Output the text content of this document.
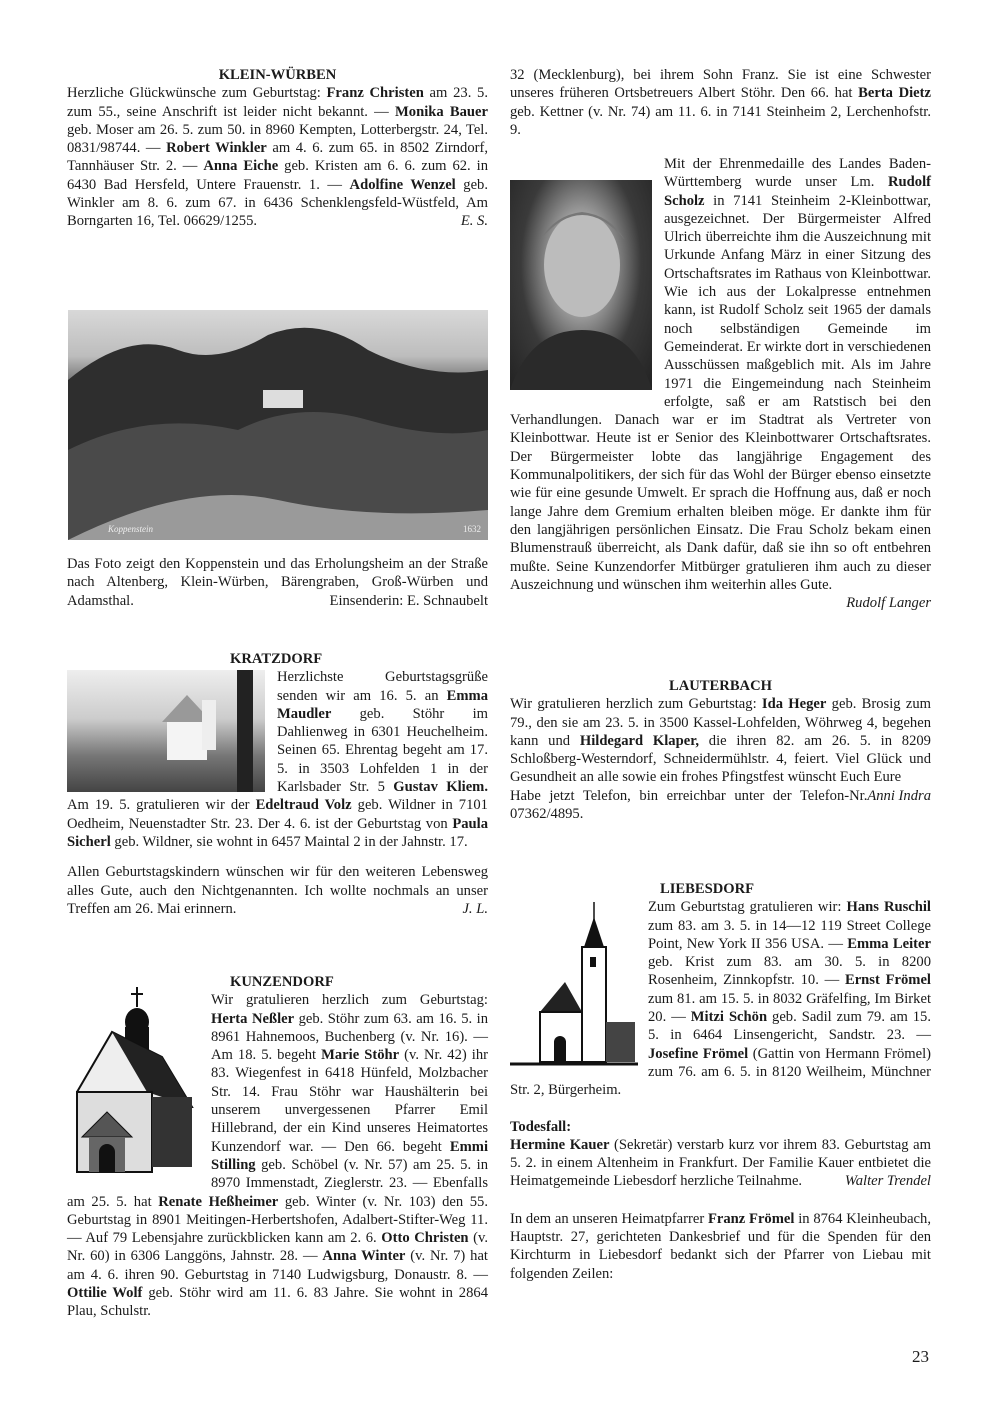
KLEIN-WÜRBEN

Herzliche Glückwünsche zum Geburtstag: Franz Christen am 23. 5. zum 55., seine Anschrift ist leider nicht bekannt. — Monika Bauer geb. Moser am 26. 5. zum 50. in 8960 Kempten, Lotterbergstr. 24, Tel. 0831/98744. — Robert Winkler am 4. 6. zum 65. in 8502 Zirndorf, Tannhäuser Str. 2. — Anna Eiche geb. Kristen am 6. 6. zum 62. in 6430 Bad Hersfeld, Untere Frauenstr. 1. — Adolfine Wenzel geb. Winkler am 8. 6. zum 67. in 6436 Schenklengsfeld-Wüstfeld, Am Borngarten 16, Tel. 06629/1255.	E. S.

Koppenstein	1632

Das Foto zeigt den Koppenstein und das Erholungsheim an der Straße nach Altenberg, Klein-Würben, Bärengraben, Groß-Würben und Adamsthal.	Einsenderin: E. Schnaubelt

KRATZDORF

Herzlichste Geburtstagsgrüße senden wir am 16. 5. an Emma Maudler geb. Stöhr im Dahlienweg in 6301 Heuchelheim. Seinen 65. Ehrentag begeht am 17. 5. in 3503 Lohfelden 1 in der Karlsbader Str. 5 Gustav Kliem. Am 19. 5. gratulieren wir der Edeltraud Volz geb. Wildner in 7101 Oedheim, Neuenstadter Str. 23. Der 4. 6. ist der Geburtstag von Paula Sicherl geb. Wildner, sie wohnt in 6457 Maintal 2 in der Jahnstr. 17.

Allen Geburtstagskindern wünschen wir für den weiteren Lebensweg alles Gute, auch den Nichtgenannten. Ich wollte nochmals an unser Treffen am 26. Mai erinnern.	J. L.

KUNZENDORF

Wir gratulieren herzlich zum Geburtstag: Herta Neßler geb. Stöhr zum 63. am 16. 5. in 8961 Hahnemoos, Buchenberg (v. Nr. 16). — Am 18. 5. begeht Marie Stöhr (v. Nr. 42) ihr 83. Wiegenfest in 6418 Hünfeld, Molzbacher Str. 14. Frau Stöhr war Haushälterin bei unserem unvergessenen Pfarrer Emil Hillebrand, der ein Kind unseres Heimatortes Kunzendorf war. — Den 66. begeht Emmi Stilling geb. Schöbel (v. Nr. 57) am 25. 5. in 8970 Immenstadt, Zieglerstr. 23. — Ebenfalls am 25. 5. hat Renate Heßheimer geb. Winter (v. Nr. 103) den 55. Geburtstag in 8901 Meitingen-Herbertshofen, Adalbert-Stifter-Weg 11. — Auf 79 Lebensjahre zurückblicken kann am 2. 6. Otto Christen (v. Nr. 60) in 6306 Langgöns, Jahnstr. 28. — Anna Winter (v. Nr. 7) hat am 4. 6. ihren 90. Geburtstag in 7140 Ludwigsburg, Donaustr. 8. — Ottilie Wolf geb. Stöhr wird am 11. 6. 83 Jahre. Sie wohnt in 2864 Plau, Schulstr.

32 (Mecklenburg), bei ihrem Sohn Franz. Sie ist eine Schwester unseres früheren Ortsbetreuers Albert Stöhr. Den 66. hat Berta Dietz geb. Kettner (v. Nr. 74) am 11. 6. in 7141 Steinheim 2, Lerchenhofstr. 9.

Mit der Ehrenmedaille des Landes Baden-Württemberg wurde unser Lm. Rudolf Scholz in 7141 Steinheim 2-Kleinbottwar, ausgezeichnet. Der Bürgermeister Alfred Ulrich überreichte ihm die Auszeichnung mit Urkunde Anfang März in einer Sitzung des Ortschaftsrates im Rathaus von Kleinbottwar. Wie ich aus der Lokalpresse entnehmen kann, ist Rudolf Scholz seit 1965 der damals noch selbständigen Gemeinde im Gemeinderat. Er wirkte dort in verschiedenen Ausschüssen maßgeblich mit. Als im Jahre 1971 die Eingemeindung nach Steinheim erfolgte, saß er am Ratstisch bei den Verhandlungen. Danach war er im Stadtrat als Vertreter von Kleinbottwar. Heute ist er Senior des Kleinbottwarer Ortschaftsrates. Der Bürgermeister lobte das langjährige Engagement des Kommunalpolitikers, der sich für das Wohl der Bürger ebenso einsetzte wie für eine gesunde Umwelt. Er sprach die Hoffnung aus, daß er noch lange Jahre dem Gremium erhalten bleiben möge. Er dankte ihm für den langjährigen persönlichen Einsatz. Die Frau Scholz bekam einen Blumenstrauß überreicht, als Dank dafür, daß sie ihn so oft entbehren mußte. Seine Kunzendorfer Mitbürger gratulieren ihm auch zu dieser Auszeichnung und wünschen ihm weiterhin alles Gute.

Rudolf Langer

LAUTERBACH

Wir gratulieren herzlich zum Geburtstag: Ida Heger geb. Brosig zum 79., den sie am 23. 5. in 3500 Kassel-Lohfelden, Wöhrweg 4, begehen kann und Hildegard Klaper, die ihren 82. am 26. 5. in 8209 Schloßberg-Westerndorf, Schneidermühlstr. 4, feiert. Viel Glück und Gesundheit an alle sowie ein frohes Pfingstfest wünscht Euch Eure
Anni Indra

Habe jetzt Telefon, bin erreichbar unter der Telefon-Nr. 07362/4895.

LIEBESDORF

Zum Geburtstag gratulieren wir: Hans Ruschil zum 83. am 3. 5. in 14—12 119 Street College Point, New York II 356 USA. — Emma Leiter geb. Krist zum 83. am 30. 5. in 8200 Rosenheim, Zinnkopfstr. 10. — Ernst Frömel zum 81. am 15. 5. in 8032 Gräfelfing, Im Birket 20. — Mitzi Schön geb. Sadil zum 79. am 15. 5. in 6464 Linsengericht, Sandstr. 23. — Josefine Frömel (Gattin von Hermann Frömel) zum 76. am 6. 5. in 8120 Weilheim, Münchner Str. 2, Bürgerheim.

Todesfall:

Hermine Kauer (Sekretär) verstarb kurz vor ihrem 83. Geburtstag am 5. 2. in einem Altenheim in Frankfurt. Der Familie Kauer entbietet die Heimatgemeinde Liebesdorf herzliche Teilnahme.	Walter Trendel

In dem an unseren Heimatpfarrer Franz Frömel in 8764 Kleinheubach, Hauptstr. 27, gerichteten Dankesbrief und für die Spenden für den Kirchturm in Liebesdorf bedankt sich der Pfarrer von Liebau mit folgenden Zeilen:

23
